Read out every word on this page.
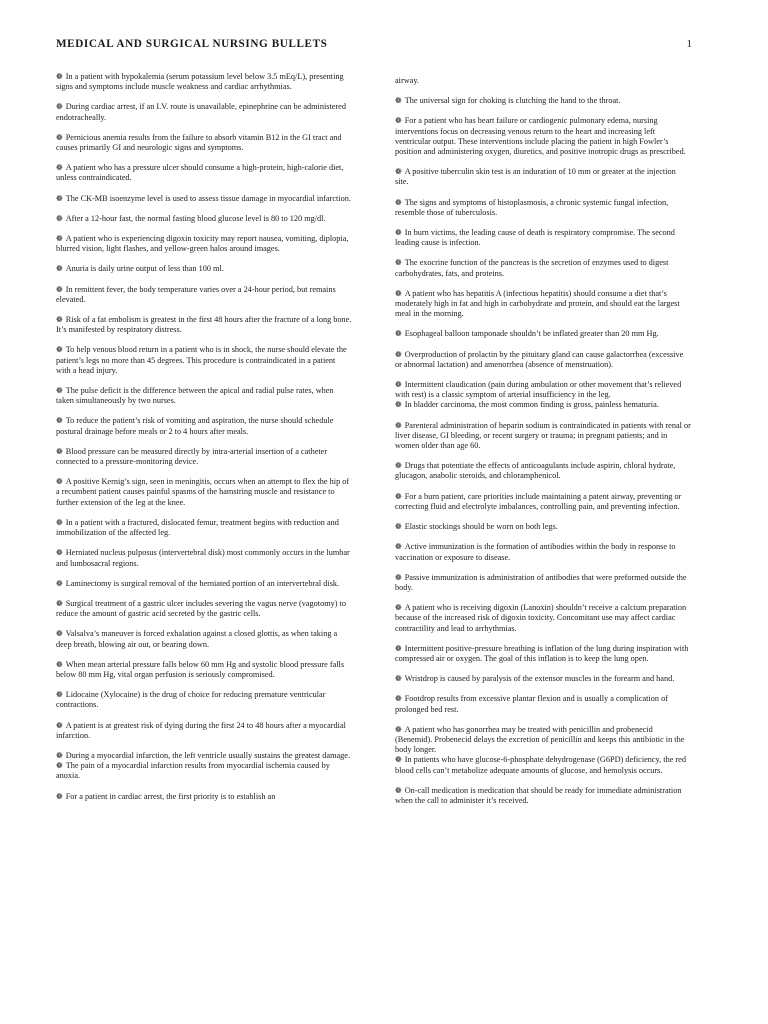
MEDICAL AND SURGICAL NURSING BULLETS	1

❁ In a patient with hypokalemia (serum potassium level below 3.5 mEq/L), presenting signs and symptoms include muscle weakness and cardiac arrhythmias.

❁ During cardiac arrest, if an I.V. route is unavailable, epinephrine can be administered endotracheally.

❁ Pernicious anemia results from the failure to absorb vitamin B12 in the GI tract and causes primarily GI and neurologic signs and symptoms.

❁ A patient who has a pressure ulcer should consume a high-protein, high-calorie diet, unless contraindicated.

❁ The CK-MB isoenzyme level is used to assess tissue damage in myocardial infarction.

❁ After a 12-hour fast, the normal fasting blood glucose level is 80 to 120 mg/dl.

❁ A patient who is experiencing digoxin toxicity may report nausea, vomiting, diplopia, blurred vision, light flashes, and yellow-green halos around images.

❁ Anuria is daily urine output of less than 100 ml.

❁ In remittent fever, the body temperature varies over a 24-hour period, but remains elevated.

❁ Risk of a fat embolism is greatest in the first 48 hours after the fracture of a long bone. It’s manifested by respiratory distress.

❁ To help venous blood return in a patient who is in shock, the nurse should elevate the patient’s legs no more than 45 degrees. This procedure is contraindicated in a patient with a head injury.

❁ The pulse deficit is the difference between the apical and radial pulse rates, when taken simultaneously by two nurses.

❁ To reduce the patient’s risk of vomiting and aspiration, the nurse should schedule postural drainage before meals or 2 to 4 hours after meals.

❁ Blood pressure can be measured directly by intra-arterial insertion of a catheter connected to a pressure-monitoring device.

❁ A positive Kernig’s sign, seen in meningitis, occurs when an attempt to flex the hip of a recumbent patient causes painful spasms of the hamstring muscle and resistance to further extension of the leg at the knee.

❁ In a patient with a fractured, dislocated femur, treatment begins with reduction and immobilization of the affected leg.

❁ Herniated nucleus pulposus (intervertebral disk) most commonly occurs in the lumbar and lumbosacral regions.

❁ Laminectomy is surgical removal of the herniated portion of an intervertebral disk.

❁ Surgical treatment of a gastric ulcer includes severing the vagus nerve (vagotomy) to reduce the amount of gastric acid secreted by the gastric cells.

❁ Valsalva’s maneuver is forced exhalation against a closed glottis, as when taking a deep breath, blowing air out, or bearing down.

❁ When mean arterial pressure falls below 60 mm Hg and systolic blood pressure falls below 80 mm Hg, vital organ perfusion is seriously compromised.

❁ Lidocaine (Xylocaine) is the drug of choice for reducing premature ventricular contractions.

❁ A patient is at greatest risk of dying during the first 24 to 48 hours after a myocardial infarction.

❁ During a myocardial infarction, the left ventricle usually sustains the greatest damage.

❁ The pain of a myocardial infarction results from myocardial ischemia caused by anoxia.

❁ For a patient in cardiac arrest, the first priority is to establish an

airway.

❁ The universal sign for choking is clutching the hand to the throat.

❁ For a patient who has heart failure or cardiogenic pulmonary edema, nursing interventions focus on decreasing venous return to the heart and increasing left ventricular output. These interventions include placing the patient in high Fowler’s position and administering oxygen, diuretics, and positive inotropic drugs as prescribed.

❁ A positive tuberculin skin test is an induration of 10 mm or greater at the injection site.

❁ The signs and symptoms of histoplasmosis, a chronic systemic fungal infection, resemble those of tuberculosis.

❁ In burn victims, the leading cause of death is respiratory compromise. The second leading cause is infection.

❁ The exocrine function of the pancreas is the secretion of enzymes used to digest carbohydrates, fats, and proteins.

❁ A patient who has hepatitis A (infectious hepatitis) should consume a diet that’s moderately high in fat and high in carbohydrate and protein, and should eat the largest meal in the morning.

❁ Esophageal balloon tamponade shouldn’t be inflated greater than 20 mm Hg.

❁ Overproduction of prolactin by the pituitary gland can cause galactorrhea (excessive or abnormal lactation) and amenorrhea (absence of menstruation).

❁ Intermittent claudication (pain during ambulation or other movement that’s relieved with rest) is a classic symptom of arterial insufficiency in the leg.

❁ In bladder carcinoma, the most common finding is gross, painless hematuria.

❁ Parenteral administration of heparin sodium is contraindicated in patients with renal or liver disease, GI bleeding, or recent surgery or trauma; in pregnant patients; and in women older than age 60.

❁ Drugs that potentiate the effects of anticoagulants include aspirin, chloral hydrate, glucagon, anabolic steroids, and chloramphenicol.

❁ For a burn patient, care priorities include maintaining a patent airway, preventing or correcting fluid and electrolyte imbalances, controlling pain, and preventing infection.

❁ Elastic stockings should be worn on both legs.

❁ Active immunization is the formation of antibodies within the body in response to vaccination or exposure to disease.

❁ Passive immunization is administration of antibodies that were preformed outside the body.

❁ A patient who is receiving digoxin (Lanoxin) shouldn’t receive a calcium preparation because of the increased risk of digoxin toxicity. Concomitant use may affect cardiac contractility and lead to arrhythmias.

❁ Intermittent positive-pressure breathing is inflation of the lung during inspiration with compressed air or oxygen. The goal of this inflation is to keep the lung open.

❁ Wristdrop is caused by paralysis of the extensor muscles in the forearm and hand.

❁ Footdrop results from excessive plantar flexion and is usually a complication of prolonged bed rest.

❁ A patient who has gonorrhea may be treated with penicillin and probenecid (Benemid). Probenecid delays the excretion of penicillin and keeps this antibiotic in the body longer.

❁ In patients who have glucose-6-phosphate dehydrogenase (G6PD) deficiency, the red blood cells can’t metabolize adequate amounts of glucose, and hemolysis occurs.

❁ On-call medication is medication that should be ready for immediate administration when the call to administer it’s received.
